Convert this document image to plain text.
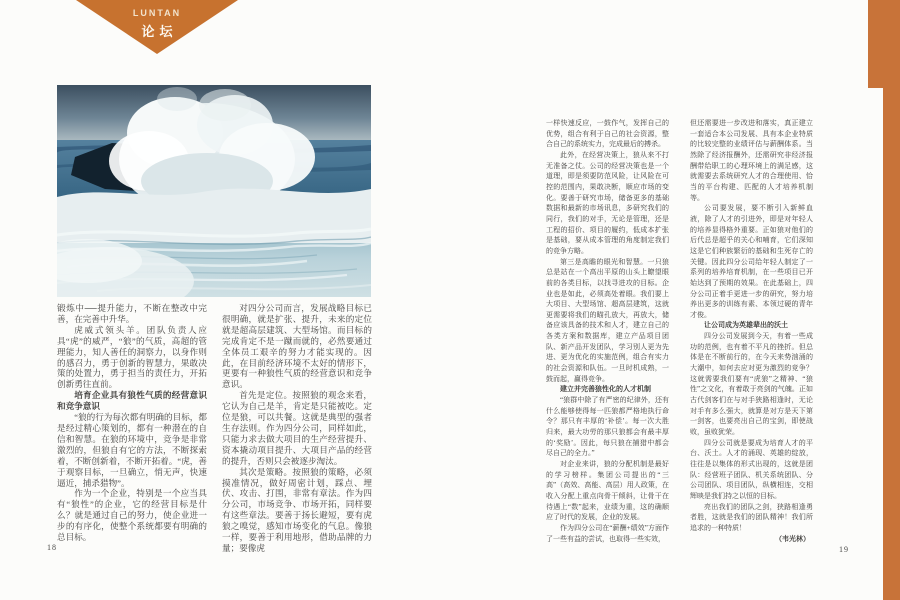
LUNTAN
论坛

锻炼中──提升能力，不断在整改中完善，在完善中升华。

虎威式领头羊。团队负责人应具“虎”的威严，“狼”的气质，高超的管理能力，知人善任的洞察力，以身作则的感召力，勇于创新的智慧力，果敢决策的处置力，勇于担当的责任力，开拓创新勇往直前。

培育企业具有狼性气质的经营意识和竞争意识

“狼的行为每次都有明确的目标，都是经过精心策划的，都有一种潜在的自信和智慧。在狼的环境中，竞争是非常激烈的，但狼自有它的方法，不断探索着，不断创新着，不断开拓着。“虎，善于观察目标，一旦确立，悄无声，快速逼近，捕杀猎物”。

作为一个企业，特别是一个应当具有“狼性”的企业，它的经营目标是什么？就是通过自己的努力，使企业进一步的有序化，使整个系统都要有明确的总目标。

对四分公司而言，发展战略目标已很明确，就是扩张、提升，未来的定位就是超高层建筑、大型场馆。而目标的完成肯定不是一蹴而就的，必然要通过全体员工艰辛的努力才能实现的。因此，在目前经济环境不太好的情形下，更要有一种狼性气质的经营意识和竞争意识。

首先是定位。按照狼的观念来看，它认为自己是羊，肯定是只能被吃。定位是狼，可以共餐。这就是典型的强者生存法则。作为四分公司，同样如此，只能力求去做大项目的生产经营提升、资本撬动项目提升、大项目产品的经营的提升，否则只会被逐步淘汰。

其次是策略。按照狼的策略，必须摸准情况，做好周密计划，踩点、埋伏、攻击、打围，非常有章法。作为四分公司，市场竞争、市场开拓，同样要有这些章法。要善于扬长避短，要有虎狼之嗅觉，感知市场变化的气息。像狼一样，要善于利用地形，借助品牌的力量；要像虎

一样快速反应，一鼓作气，发挥自己的优势，组合有利于自己的社会资源，整合自己的系统实力，完成最后的搏杀。

此外，在经营决策上，狼从来不打无准备之仗。公司的经营决策也是一个道理，即是须要防范风险，让风险在可控的范围内，果敢决断，顺应市场的变化。要善于研究市场，储备更多的基础数据和最新的市场讯息，多研究我们的同行，我们的对手，无论是管理，还是工程的招价、项目的履约，低成本扩张是基础，要从成本管理的角度制定我们的竞争方略。

第三是高瞻的眼光和智慧。一只狼总是站在一个高出平原的山头上瞭望眼前的各类目标，以找寻进攻的目标。企业也是如此，必须高处着眼。我们要上大项目、大型场馆、超高层建筑，这就更需要将我们的瞄孔放大，再放大，储备应该具备的技术和人才，建立自己的各类方案和数据库，建立产品项目团队、新产品开发团队，学习别人更为先进、更为优化的实施范例，组合有实力的社会资源和队伍。一旦时机成熟，一鼓而起，赢得竞争。

建立并完善狼性化的人才机制

“狼群中除了有严密的纪律外，还有什么能够使得每一匹狼都严格地执行命令？那只有丰厚的‘补偿’。每一次大胜归来，最大功劳的那只狼都会有最丰厚的‘奖励’。因此，每只狼在捕猎中都会尽自己的全力。”

对企业来讲，狼的分配机制是最好的学习榜样。集团公司提出的“三高”（高效、高能、高层）用人政策，在收入分配上重点向骨干倾斜，让骨干在待遇上“数”起来，业绩为重，这的确顺应了时代的发展，企业的发展。

作为四分公司在“薪酬+绩效”方面作了一些有益的尝试，也取得一些实效，

但还需要进一步改进和落实，真正建立一套适合本公司发展、具有本企业特质的比较完整的业绩评估与薪酬体系。当然除了经济报酬外，还需研究非经济报酬带给职工的心理环境上的满足感，这就需要去系统研究人才的合理使用、恰当的平台构建、匹配的人才培养机制等。

公司要发展，要不断引入新鲜血液，除了人才的引进外，即是对年轻人的培养显得格外重要。正如狼对他们的后代总是超乎的关心和哺育，它们深知这是它们种族繁衍的基础和生死存亡的关键。因此四分公司给年轻人制定了一系列的培养培育机制，在一些项目已开始达到了预期的效果。在此基础上，四分公司正着手更进一步的研究，努力培养出更多的训练有素、本领过硬的青年才俊。

让公司成为英雄辈出的沃土

四分公司发展到今天，有着一些成功的范例，也有着不平凡的挫折。但总体是在不断前行的，在今天来势汹涌的大潮中，如何去应对更为激烈的竞争？这就需要我们要有“虎狼”之精神、“狼性”之文化，有着敢于亮剑的气魄。正如古代剑客们在与对手狭路相逢时，无论对手有多么强大，就算是对方是天下第一剑客，也要亮出自己的宝剑，即使战败，虽败犹荣。

四分公司就是要成为培育人才的平台、沃土。人才的涌现、英雄的绽放，往往是以集体的形式出现的，这就是团队：经营班子团队、机关系统团队、分公司团队、项目团队，纵横相连，交相辉映是我们持之以恒的目标。

亮出我们的团队之剑，狭路相逢勇者胜，这就是我们的团队精神！我们所追求的一种特质！

（韦光林）

18	19
